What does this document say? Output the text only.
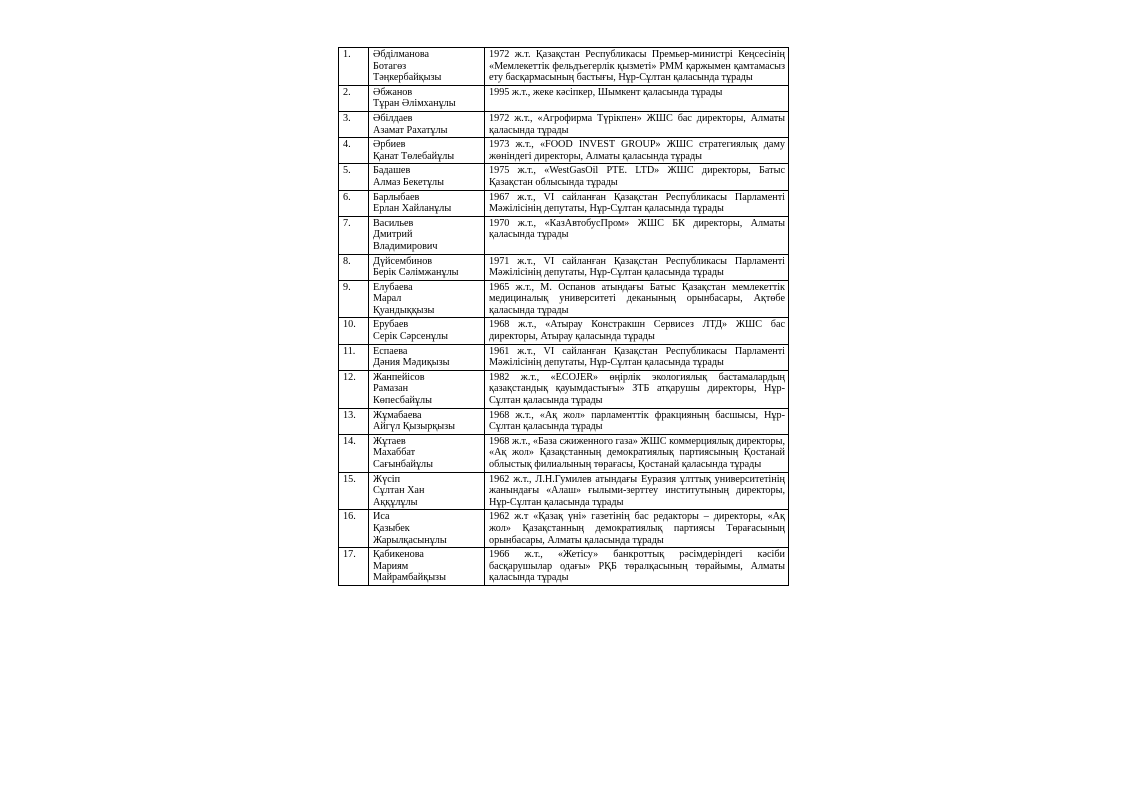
1.	Әбділманова
Ботагөз
Тәңкербайқызы	1972 ж.т. Қазақстан Республикасы Премьер-министрі Кеңсесінің «Мемлекеттік фельдъегерлік қызметі» РММ қаржымен қамтамасыз ету басқармасының бастығы, Нұр-Сұлтан қаласында тұрады

2.	Әбжанов
Тұран Әлімханұлы	1995 ж.т., жеке кәсіпкер, Шымкент қаласында тұрады

3.	Әбілдаев
Азамат Рахатұлы	1972 ж.т., «Агрофирма Түрікпен» ЖШС бас директоры, Алматы қаласында тұрады

4.	Әрбиев
Қанат Төлебайұлы	1973 ж.т., «FOOD INVEST GROUP» ЖШС стратегиялық даму жөніндегі директоры, Алматы қаласында тұрады

5.	Бадашев
Алмаз Бекетұлы	1975 ж.т., «WestGasOil PTE. LTD» ЖШС директоры, Батыс Қазақстан облысында тұрады

6.	Барлыбаев
Ерлан Хайланұлы	1967 ж.т., VI сайланған Қазақстан Республикасы Парламенті Мәжілісінің депутаты, Нұр-Сұлтан қаласында тұрады

7.	Васильев
Дмитрий
Владимирович	1970 ж.т., «КазАвтобусПром» ЖШС БК директоры, Алматы қаласында тұрады

8.	Дүйсембинов
Берік Сәлімжанұлы	1971 ж.т., VI сайланған Қазақстан Республикасы Парламенті Мәжілісінің депутаты, Нұр-Сұлтан қаласында тұрады

9.	Елубаева
Марал
Қуандыққызы	1965 ж.т., М. Оспанов атындағы Батыс Қазақстан мемлекеттік медициналық университеті деканының орынбасары, Ақтөбе қаласында тұрады

10.	Ерубаев
Серік Сәрсенұлы	1968 ж.т., «Атырау Констракшн Сервисез ЛТД» ЖШС бас директоры, Атырау қаласында тұрады

11.	Еспаева
Дәния Мәдиқызы	1961 ж.т., VI сайланған Қазақстан Республикасы Парламенті Мәжілісінің депутаты, Нұр-Сұлтан қаласында тұрады

12.	Жанпейісов
Рамазан
Көпесбайұлы	1982 ж.т., «ECOJER» өңірлік экологиялық бастамалардың қазақстандық қауымдастығы» ЗТБ атқарушы директоры, Нұр-Сұлтан қаласында тұрады

13.	Жұмабаева
Айгүл Қызырқызы	1968 ж.т., «Ақ жол» парламенттік фракцияның басшысы, Нұр-Сұлтан қаласында тұрады

14.	Жұтаев
Махаббат
Сағынбайұлы	1968 ж.т., «База сжиженного газа» ЖШС коммерциялық директоры, «Ақ жол» Қазақстанның демократиялық партиясының Қостанай облыстық филиалының төрағасы, Қостанай қаласында тұрады

15.	Жүсіп
Сұлтан Хан
Аққұлұлы	1962 ж.т., Л.Н.Гумилев атындағы Еуразия ұлттық университетінің жанындағы «Алаш» ғылыми-зерттеу институтының директоры, Нұр-Сұлтан қаласында тұрады

16.	Иса
Қазыбек
Жарылқасынұлы	1962 ж.т «Қазақ үні» газетінің бас редакторы – директоры, «Ақ жол» Қазақстанның демократиялық партиясы Төрағасының орынбасары, Алматы қаласында тұрады

17.	Қабикенова
Мариям
Майрамбайқызы	1966 ж.т., «Жетісу» банкроттық рәсімдеріндегі кәсіби басқарушылар одағы» РҚБ төралқасының төрайымы, Алматы қаласында тұрады
